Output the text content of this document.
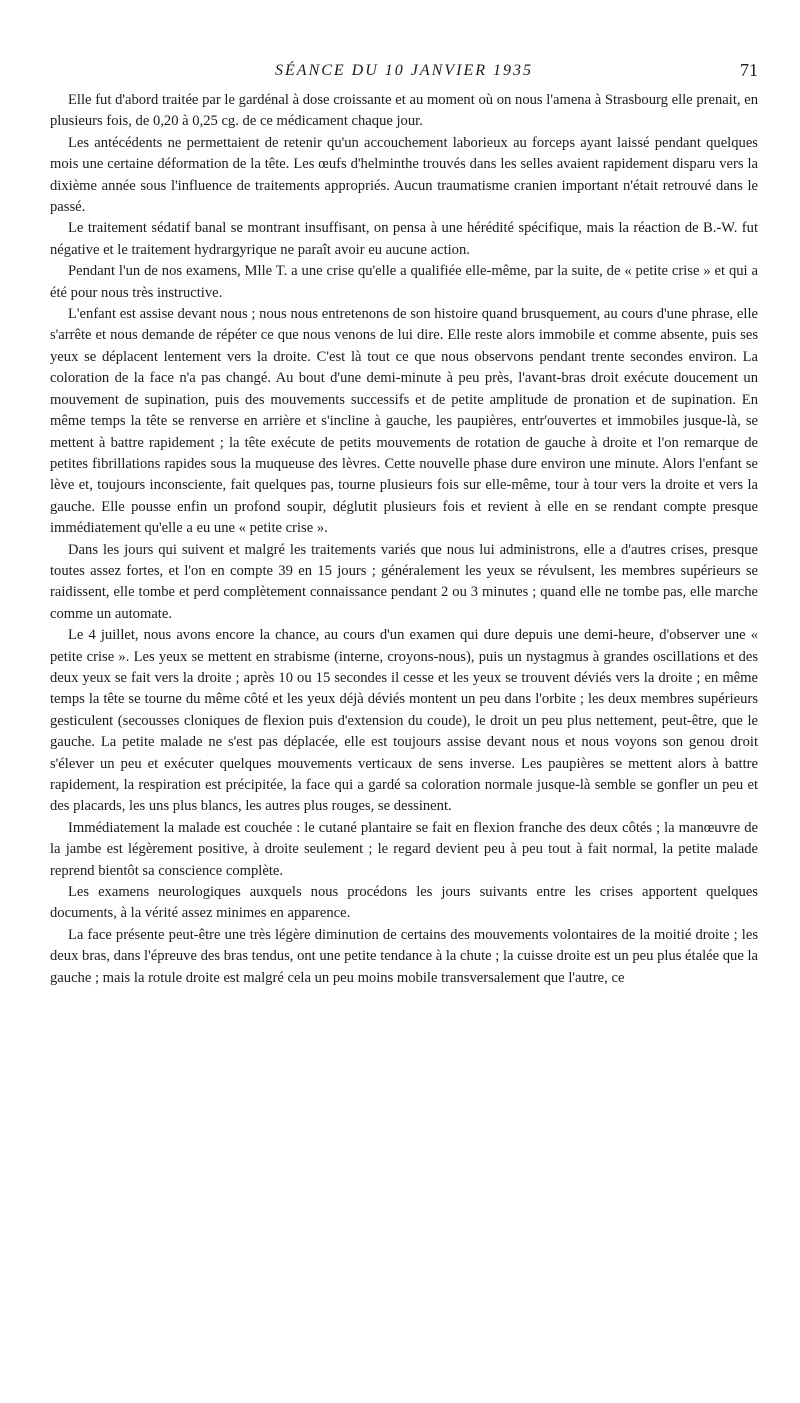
SÉANCE DU 10 JANVIER 1935	71

Elle fut d'abord traitée par le gardénal à dose croissante et au moment où on nous l'amena à Strasbourg elle prenait, en plusieurs fois, de 0,20 à 0,25 cg. de ce médicament chaque jour.

Les antécédents ne permettaient de retenir qu'un accouchement laborieux au forceps ayant laissé pendant quelques mois une certaine déformation de la tête. Les œufs d'helminthe trouvés dans les selles avaient rapidement disparu vers la dixième année sous l'influence de traitements appropriés. Aucun traumatisme cranien important n'était retrouvé dans le passé.

Le traitement sédatif banal se montrant insuffisant, on pensa à une hérédité spécifique, mais la réaction de B.-W. fut négative et le traitement hydrargyrique ne paraît avoir eu aucune action.

Pendant l'un de nos examens, Mlle T. a une crise qu'elle a qualifiée elle-même, par la suite, de « petite crise » et qui a été pour nous très instructive.

L'enfant est assise devant nous ; nous nous entretenons de son histoire quand brusquement, au cours d'une phrase, elle s'arrête et nous demande de répéter ce que nous venons de lui dire. Elle reste alors immobile et comme absente, puis ses yeux se déplacent lentement vers la droite. C'est là tout ce que nous observons pendant trente secondes environ. La coloration de la face n'a pas changé. Au bout d'une demi-minute à peu près, l'avant-bras droit exécute doucement un mouvement de supination, puis des mouvements successifs et de petite amplitude de pronation et de supination. En même temps la tête se renverse en arrière et s'incline à gauche, les paupières, entr'ouvertes et immobiles jusque-là, se mettent à battre rapidement ; la tête exécute de petits mouvements de rotation de gauche à droite et l'on remarque de petites fibrillations rapides sous la muqueuse des lèvres. Cette nouvelle phase dure environ une minute. Alors l'enfant se lève et, toujours inconsciente, fait quelques pas, tourne plusieurs fois sur elle-même, tour à tour vers la droite et vers la gauche. Elle pousse enfin un profond soupir, déglutit plusieurs fois et revient à elle en se rendant compte presque immédiatement qu'elle a eu une « petite crise ».

Dans les jours qui suivent et malgré les traitements variés que nous lui administrons, elle a d'autres crises, presque toutes assez fortes, et l'on en compte 39 en 15 jours ; généralement les yeux se révulsent, les membres supérieurs se raidissent, elle tombe et perd complètement connaissance pendant 2 ou 3 minutes ; quand elle ne tombe pas, elle marche comme un automate.

Le 4 juillet, nous avons encore la chance, au cours d'un examen qui dure depuis une demi-heure, d'observer une « petite crise ». Les yeux se mettent en strabisme (interne, croyons-nous), puis un nystagmus à grandes oscillations et des deux yeux se fait vers la droite ; après 10 ou 15 secondes il cesse et les yeux se trouvent déviés vers la droite ; en même temps la tête se tourne du même côté et les yeux déjà déviés montent un peu dans l'orbite ; les deux membres supérieurs gesticulent (secousses cloniques de flexion puis d'extension du coude), le droit un peu plus nettement, peut-être, que le gauche. La petite malade ne s'est pas déplacée, elle est toujours assise devant nous et nous voyons son genou droit s'élever un peu et exécuter quelques mouvements verticaux de sens inverse. Les paupières se mettent alors à battre rapidement, la respiration est précipitée, la face qui a gardé sa coloration normale jusque-là semble se gonfler un peu et des placards, les uns plus blancs, les autres plus rouges, se dessinent.

Immédiatement la malade est couchée : le cutané plantaire se fait en flexion franche des deux côtés ; la manœuvre de la jambe est légèrement positive, à droite seulement ; le regard devient peu à peu tout à fait normal, la petite malade reprend bientôt sa conscience complète.

Les examens neurologiques auxquels nous procédons les jours suivants entre les crises apportent quelques documents, à la vérité assez minimes en apparence.

La face présente peut-être une très légère diminution de certains des mouvements volontaires de la moitié droite ; les deux bras, dans l'épreuve des bras tendus, ont une petite tendance à la chute ; la cuisse droite est un peu plus étalée que la gauche ; mais la rotule droite est malgré cela un peu moins mobile transversalement que l'autre, ce
